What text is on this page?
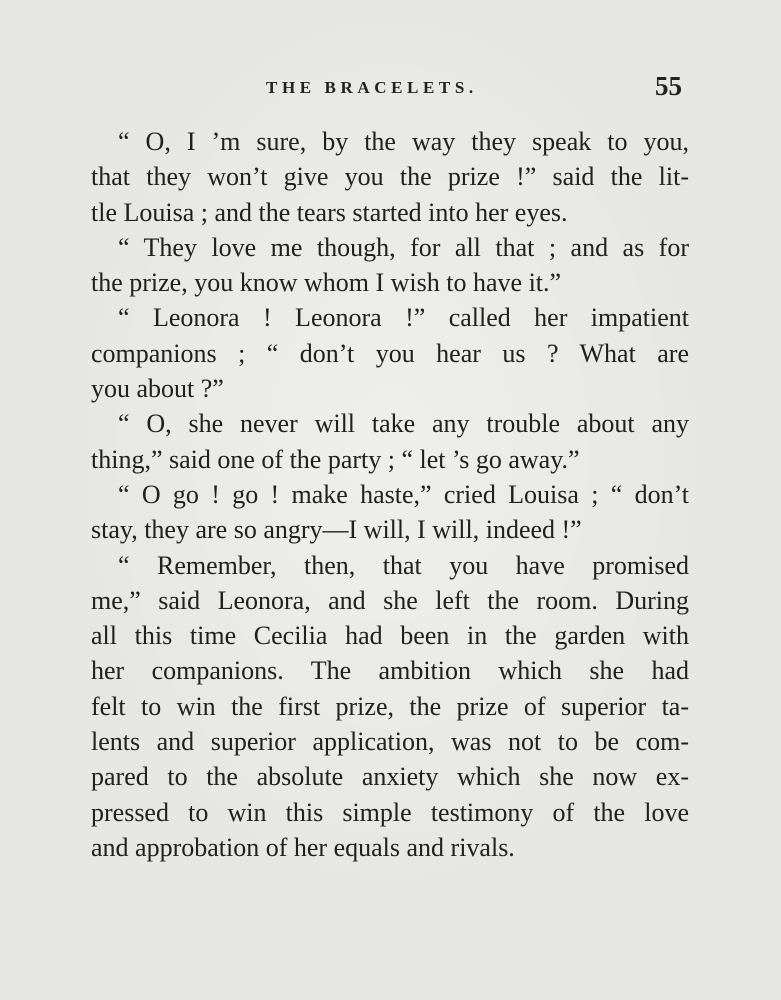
THE BRACELETS.	55
“ O, I ’m sure, by the way they speak to you,
that they won’t give you the prize !” said the lit-
tle Louisa ; and the tears started into her eyes.
“ They love me though, for all that ; and as for
the prize, you know whom I wish to have it.”
“ Leonora ! Leonora !” called her impatient
companions ; “ don’t you hear us ? What are
you about ?”
“ O, she never will take any trouble about any
thing,” said one of the party ; “ let ’s go away.”
“ O go ! go ! make haste,” cried Louisa ; “ don’t
stay, they are so angry—I will, I will, indeed !”
“ Remember, then, that you have promised
me,” said Leonora, and she left the room. During
all this time Cecilia had been in the garden with
her companions. The ambition which she had
felt to win the first prize, the prize of superior ta-
lents and superior application, was not to be com-
pared to the absolute anxiety which she now ex-
pressed to win this simple testimony of the love
and approbation of her equals and rivals.
